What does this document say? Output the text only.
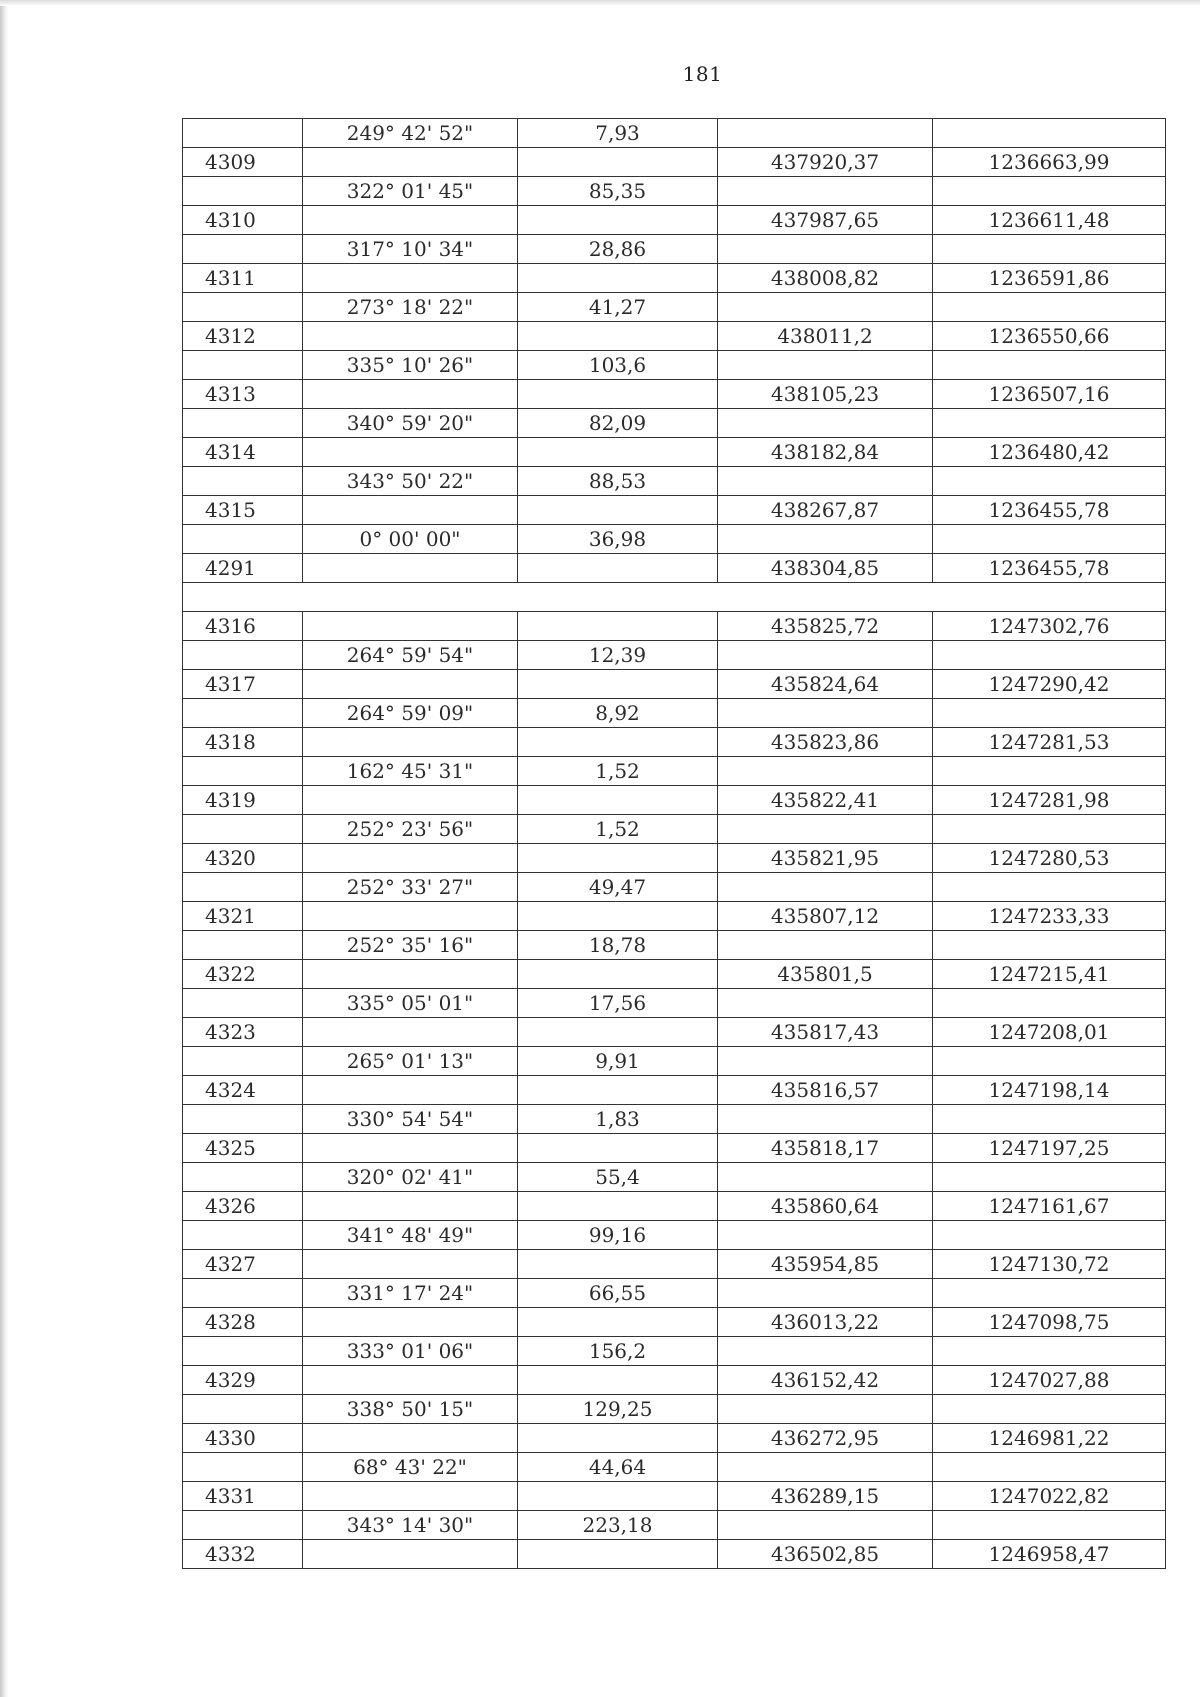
181
	249° 42' 52"	7,93		
4309			437920,37	1236663,99
	322° 01' 45"	85,35		
4310			437987,65	1236611,48
	317° 10' 34"	28,86		
4311			438008,82	1236591,86
	273° 18' 22"	41,27		
4312			438011,2	1236550,66
	335° 10' 26"	103,6		
4313			438105,23	1236507,16
	340° 59' 20"	82,09		
4314			438182,84	1236480,42
	343° 50' 22"	88,53		
4315			438267,87	1236455,78
	0° 00' 00"	36,98		
4291			438304,85	1236455,78

4316			435825,72	1247302,76
	264° 59' 54"	12,39		
4317			435824,64	1247290,42
	264° 59' 09"	8,92		
4318			435823,86	1247281,53
	162° 45' 31"	1,52		
4319			435822,41	1247281,98
	252° 23' 56"	1,52		
4320			435821,95	1247280,53
	252° 33' 27"	49,47		
4321			435807,12	1247233,33
	252° 35' 16"	18,78		
4322			435801,5	1247215,41
	335° 05' 01"	17,56		
4323			435817,43	1247208,01
	265° 01' 13"	9,91		
4324			435816,57	1247198,14
	330° 54' 54"	1,83		
4325			435818,17	1247197,25
	320° 02' 41"	55,4		
4326			435860,64	1247161,67
	341° 48' 49"	99,16		
4327			435954,85	1247130,72
	331° 17' 24"	66,55		
4328			436013,22	1247098,75
	333° 01' 06"	156,2		
4329			436152,42	1247027,88
	338° 50' 15"	129,25		
4330			436272,95	1246981,22
	68° 43' 22"	44,64		
4331			436289,15	1247022,82
	343° 14' 30"	223,18		
4332			436502,85	1246958,47
